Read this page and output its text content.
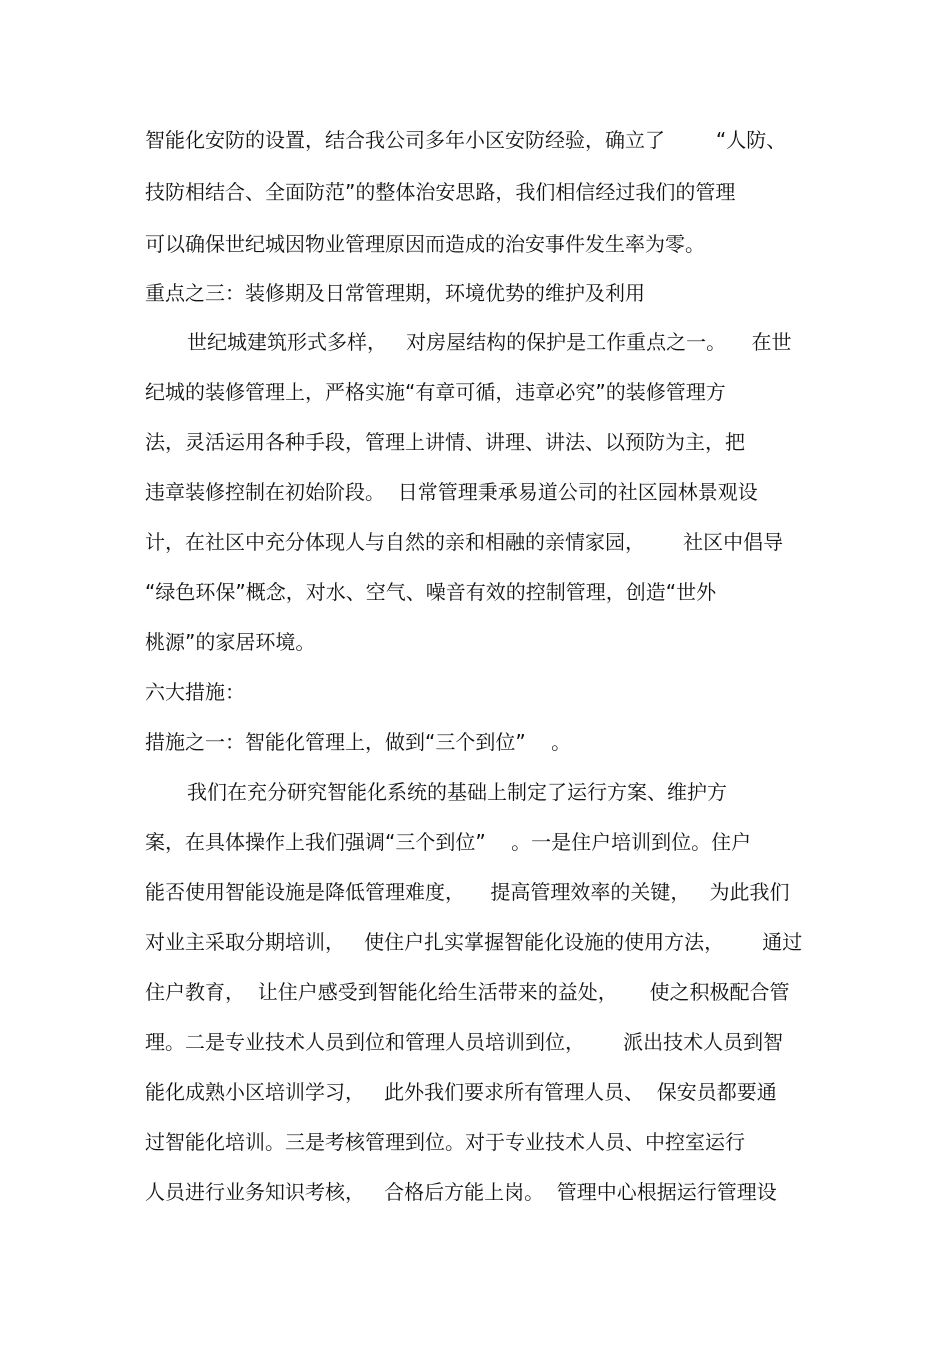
智能化安防的设置，结合我公司多年小区安防经验，确立了        “人防、
技防相结合、全面防范”的整体治安思路，我们相信经过我们的管理
可以确保世纪城因物业管理原因而造成的治安事件发生率为零。
重点之三：装修期及日常管理期，环境优势的维护及利用
世纪城建筑形式多样，   对房屋结构的保护是工作重点之一。    在世
纪城的装修管理上，严格实施“有章可循，违章必究”的装修管理方
法，灵活运用各种手段，管理上讲情、讲理、讲法、以预防为主，把
违章装修控制在初始阶段。  日常管理秉承易道公司的社区园林景观设
计，在社区中充分体现人与自然的亲和相融的亲情家园，      社区中倡导
“绿色环保”概念，对水、空气、噪音有效的控制管理，创造“世外
桃源”的家居环境。
六大措施：
措施之一：智能化管理上，做到“三个到位”    。
我们在充分研究智能化系统的基础上制定了运行方案、维护方
案，在具体操作上我们强调“三个到位”    。一是住户培训到位。住户
能否使用智能设施是降低管理难度，    提高管理效率的关键，   为此我们
对业主采取分期培训，   使住户扎实掌握智能化设施的使用方法，      通过
住户教育，  让住户感受到智能化给生活带来的益处，     使之积极配合管
理。二是专业技术人员到位和管理人员培训到位，      派出技术人员到智
能化成熟小区培训学习，   此外我们要求所有管理人员、  保安员都要通
过智能化培训。三是考核管理到位。对于专业技术人员、中控室运行
人员进行业务知识考核，   合格后方能上岗。  管理中心根据运行管理设
